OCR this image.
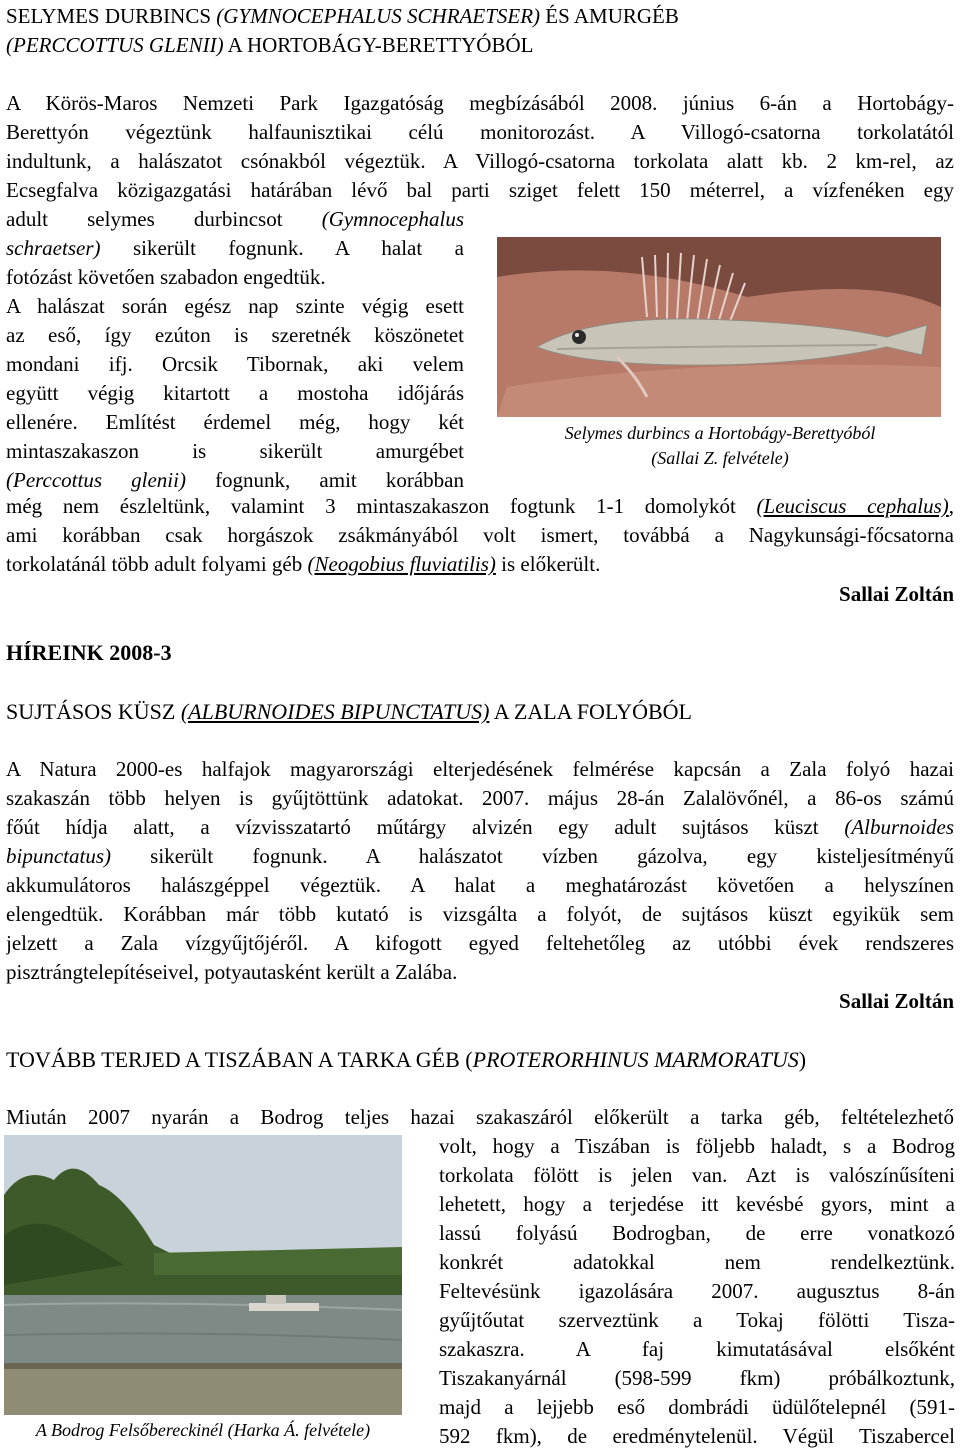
SELYMES DURBINCS (GYMNOCEPHALUS SCHRAETSER) ÉS AMURGÉB
(PERCCOTTUS GLENII) A HORTOBÁGY-BERETTYÓBÓL
A Körös-Maros Nemzeti Park Igazgatóság megbízásából 2008. június 6-án a Hortobágy-
Berettyón végeztünk halfaunisztikai célú monitorozást. A Villogó-csatorna torkolatától
indultunk, a halászatot csónakból végeztük. A Villogó-csatorna torkolata alatt kb. 2 km-rel, az
Ecsegfalva közigazgatási határában lévő bal parti sziget felett 150 méterrel, a vízfenéken egy
adult selymes durbincsot (Gymnocephalus
schraetser) sikerült fognunk. A halat a
fotózást követően szabadon engedtük.
A halászat során egész nap szinte végig esett
az eső, így ezúton is szeretnék köszönetet
mondani ifj. Orcsik Tibornak, aki velem
együtt végig kitartott a mostoha időjárás
ellenére. Említést érdemel még, hogy két
mintaszakaszon is sikerült amurgébet
(Perccottus glenii) fognunk, amit korábban
Selymes durbincs a Hortobágy-Berettyóból
(Sallai Z. felvétele)
még nem észleltünk, valamint 3 mintaszakaszon fogtunk 1-1 domolykót (Leuciscus cephalus),
ami korábban csak horgászok zsákmányából volt ismert, továbbá a Nagykunsági-főcsatorna
torkolatánál több adult folyami géb (Neogobius fluviatilis) is előkerült.
Sallai Zoltán
HÍREINK 2008-3
SUJTÁSOS KÜSZ (ALBURNOIDES BIPUNCTATUS) A ZALA FOLYÓBÓL
A Natura 2000-es halfajok magyarországi elterjedésének felmérése kapcsán a Zala folyó hazai
szakaszán több helyen is gyűjtöttünk adatokat. 2007. május 28-án Zalalövőnél, a 86-os számú
főút hídja alatt, a vízvisszatartó műtárgy alvizén egy adult sujtásos küszt (Alburnoides
bipunctatus) sikerült fognunk. A halászatot vízben gázolva, egy kisteljesítményű
akkumulátoros halászgéppel végeztük. A halat a meghatározást követően a helyszínen
elengedtük. Korábban már több kutató is vizsgálta a folyót, de sujtásos küszt egyikük sem
jelzett a Zala vízgyűjtőjéről. A kifogott egyed feltehetőleg az utóbbi évek rendszeres
pisztrángtelepítéseivel, potyautasként került a Zalába.
Sallai Zoltán
TOVÁBB TERJED A TISZÁBAN A TARKA GÉB (PROTERORHINUS MARMORATUS)
Miután 2007 nyarán a Bodrog teljes hazai szakaszáról előkerült a tarka géb, feltételezhető
volt, hogy a Tiszában is följebb haladt, s a Bodrog
torkolata fölött is jelen van. Azt is valószínűsíteni
lehetett, hogy a terjedése itt kevésbé gyors, mint a
lassú folyású Bodrogban, de erre vonatkozó
konkrét adatokkal nem rendelkeztünk.
Feltevésünk igazolására 2007. augusztus 8-án
gyűjtőutat szerveztünk a Tokaj fölötti Tisza-
szakaszra. A faj kimutatásával elsőként
Tiszakanyárnál (598-599 fkm) próbálkoztunk,
majd a lejjebb eső dombrádi üdülőtelepnél (591-
592 fkm), de eredménytelenül. Végül Tiszabercel
A Bodrog Felsőbereckinél (Harka Á. felvétele)
